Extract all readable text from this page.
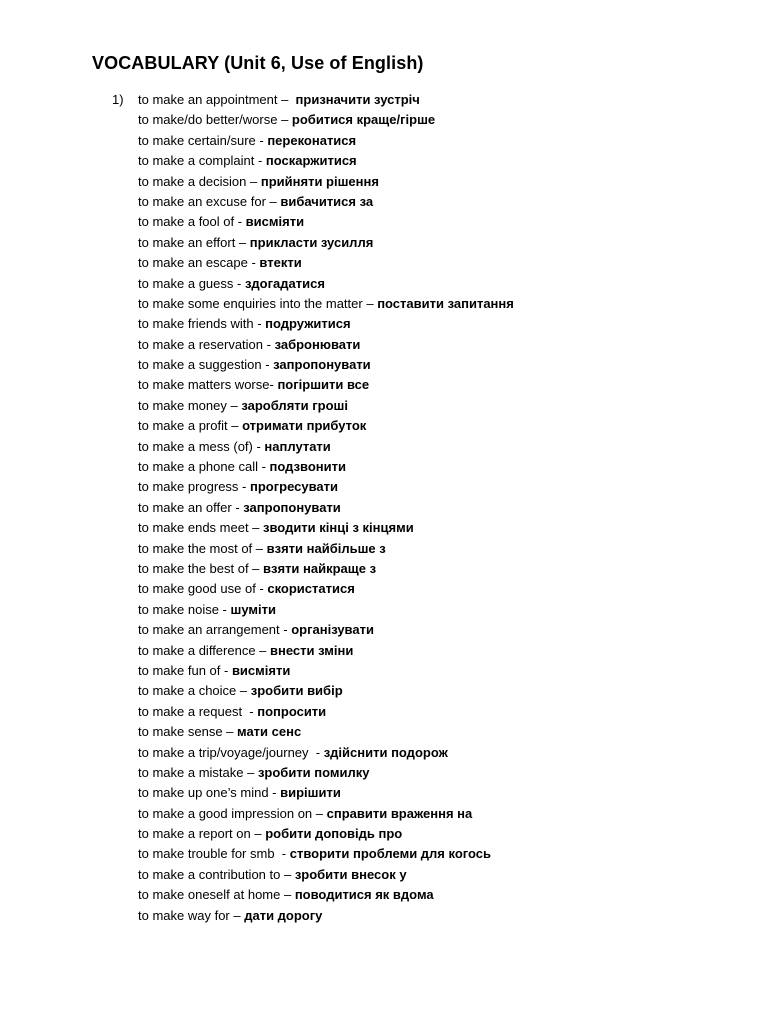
VOCABULARY (Unit 6, Use of English)
1) to make an appointment –  призначити зустріч
to make/do better/worse – робитися краще/гірше
to make certain/sure - переконатися
to make a complaint - поскаржитися
to make a decision – прийняти рішення
to make an excuse for – вибачитися за
to make a fool of - висміяти
to make an effort – прикласти зусилля
to make an escape - втекти
to make a guess - здогадатися
to make some enquiries into the matter – поставити запитання
to make friends with - подружитися
to make a reservation - забронювати
to make a suggestion - запропонувати
to make matters worse- погіршити все
to make money – заробляти гроші
to make a profit – отримати прибуток
to make a mess (of) - наплутати
to make a phone call - подзвонити
to make progress - прогресувати
to make an offer - запропонувати
to make ends meet – зводити кінці з кінцями
to make the most of – взяти найбільше з
to make the best of – взяти найкраще з
to make good use of - скористатися
to make noise - шуміти
to make an arrangement - організувати
to make a difference – внести зміни
to make fun of - висміяти
to make a choice – зробити вибір
to make a request  - попросити
to make sense – мати сенс
to make a trip/voyage/journey  - здійснити подорож
to make a mistake – зробити помилку
to make up one’s mind - вирішити
to make a good impression on – справити враження на
to make a report on – робити доповідь про
to make trouble for smb  - створити проблеми для когось
to make a contribution to – зробити внесок у
to make oneself at home – поводитися як вдома
to make way for – дати дорогу
